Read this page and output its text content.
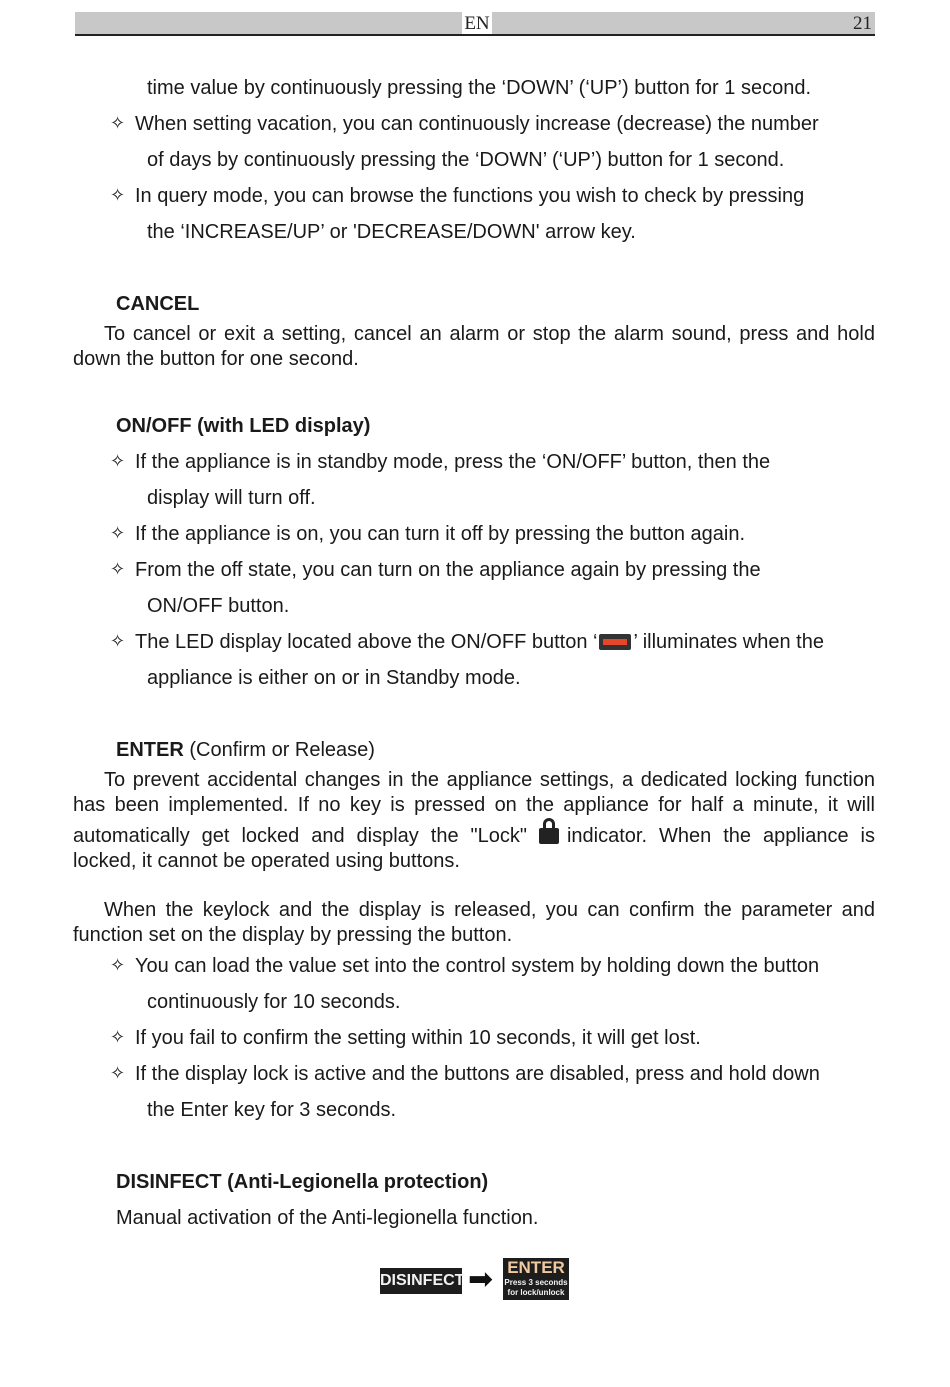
EN	21

time value by continuously pressing the ‘DOWN’ (‘UP’) button for 1 second.

✧ When setting vacation, you can continuously increase (decrease) the number

of days by continuously pressing the ‘DOWN’ (‘UP’) button for 1 second.

✧ In query mode, you can browse the functions you wish to check by pressing

the ‘INCREASE/UP’ or 'DECREASE/DOWN' arrow key.

CANCEL

To cancel or exit a setting, cancel an alarm or stop the alarm sound, press and hold down the button for one second.

ON/OFF (with LED display)

✧ If the appliance is in standby mode, press the ‘ON/OFF’ button, then the

display will turn off.

✧ If the appliance is on, you can turn it off by pressing the button again.

✧ From the off state, you can turn on the appliance again by pressing the

ON/OFF button.

✧ The LED display located above the ON/OFF button ‘ ’ illuminates when the

appliance is either on or in Standby mode.

ENTER (Confirm or Release)

To prevent accidental changes in the appliance settings, a dedicated locking function has been implemented. If no key is pressed on the appliance for half a minute, it will automatically get locked and display the "Lock" indicator. When the appliance is locked, it cannot be operated using buttons.

When the keylock and the display is released, you can confirm the parameter and function set on the display by pressing the button.

✧ You can load the value set into the control system by holding down the button

continuously for 10 seconds.

✧ If you fail to confirm the setting within 10 seconds, it will get lost.

✧ If the display lock is active and the buttons are disabled, press and hold down

the Enter key for 3 seconds.

DISINFECT (Anti-Legionella protection)

Manual activation of the Anti-legionella function.

DISINFECT ➡ ENTER
Press 3 seconds
for lock/unlock
